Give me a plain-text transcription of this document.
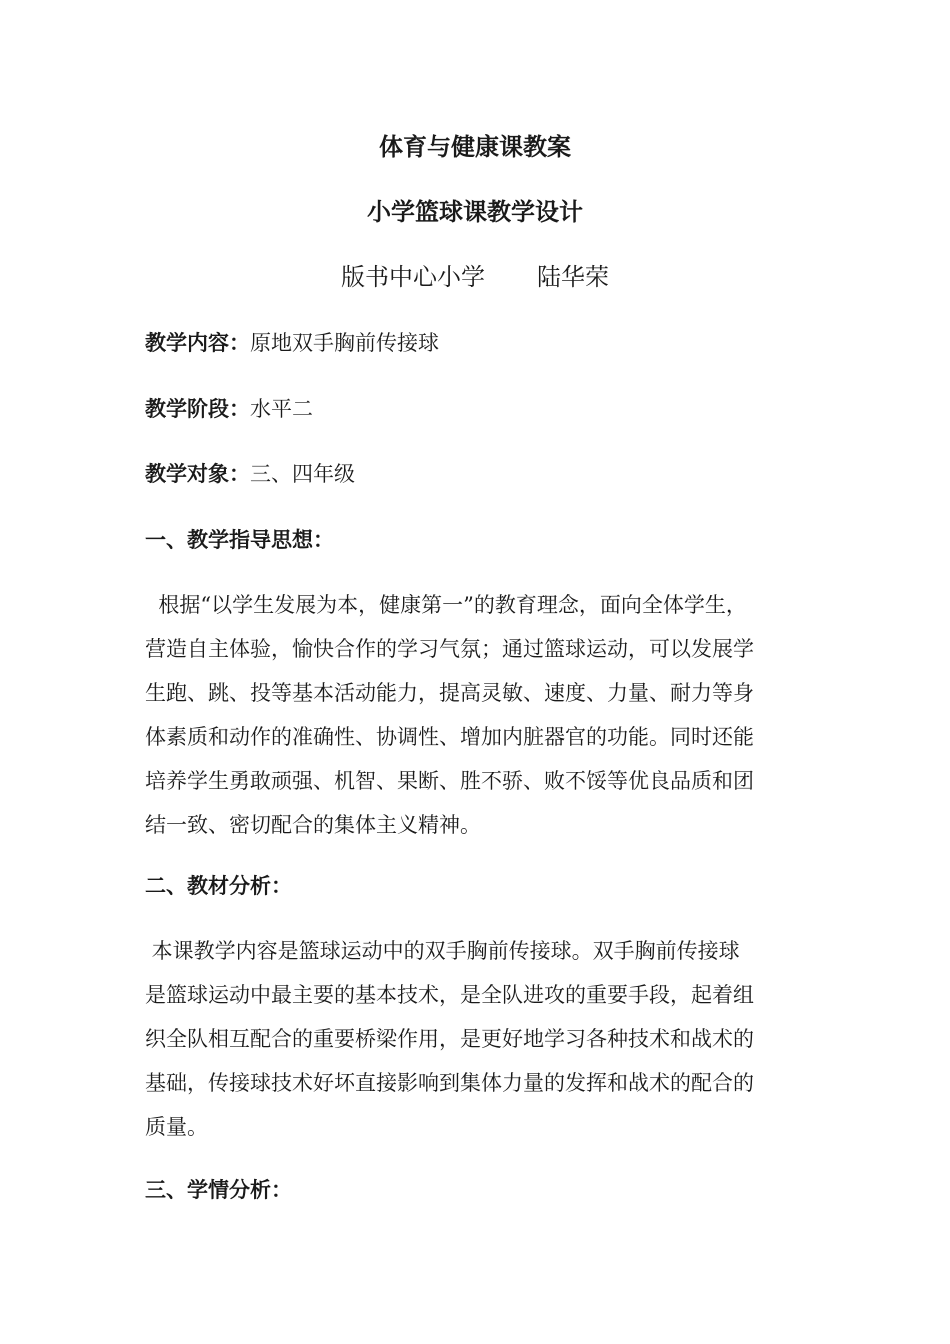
体育与健康课教案
小学篮球课教学设计
版书中心小学 陆华荣
教学内容：原地双手胸前传接球
教学阶段：水平二
教学对象：三、四年级
一、教学指导思想：
根据“以学生发展为本，健康第一”的教育理念，面向全体学生，
营造自主体验，愉快合作的学习气氛；通过篮球运动，可以发展学
生跑、跳、投等基本活动能力，提高灵敏、速度、力量、耐力等身
体素质和动作的准确性、协调性、增加内脏器官的功能。同时还能
培养学生勇敢顽强、机智、果断、胜不骄、败不馁等优良品质和团
结一致、密切配合的集体主义精神。
二、教材分析：
本课教学内容是篮球运动中的双手胸前传接球。双手胸前传接球
是篮球运动中最主要的基本技术，是全队进攻的重要手段，起着组
织全队相互配合的重要桥梁作用，是更好地学习各种技术和战术的
基础，传接球技术好坏直接影响到集体力量的发挥和战术的配合的
质量。
三、学情分析：
